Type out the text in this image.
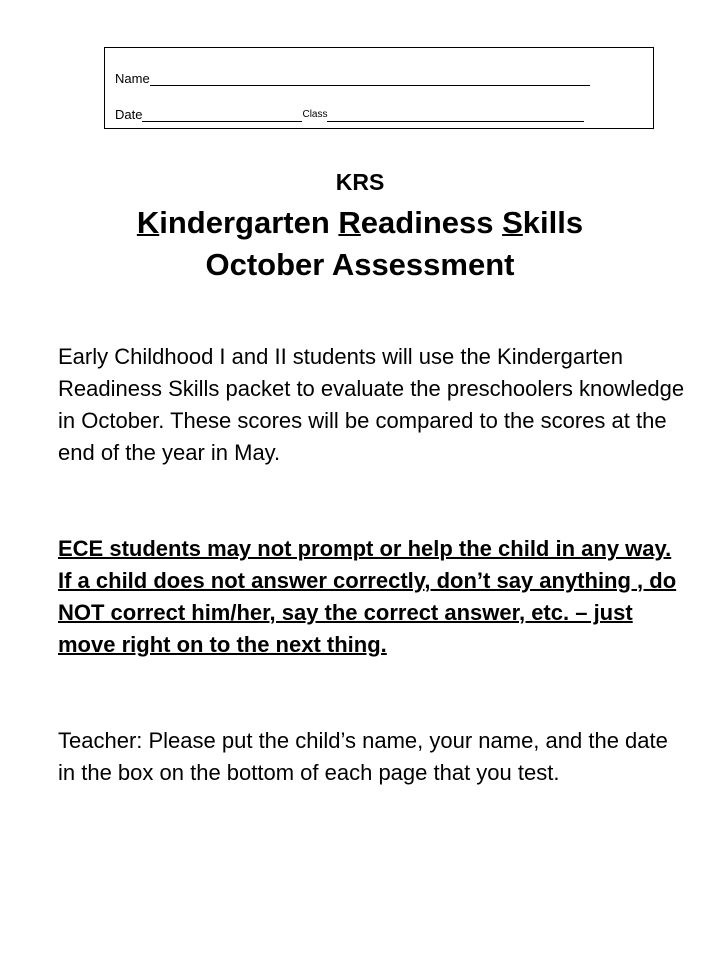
Name
Date	Class
KRS
Kindergarten Readiness Skills
October Assessment
Early Childhood I and II students will use the Kindergarten Readiness Skills packet to evaluate the preschoolers knowledge in October. These scores will be compared to the scores at the end of the year in May.
ECE students may not prompt or help the child in any way. If a child does not answer correctly, don’t say anything , do NOT correct him/her, say the correct answer, etc. – just move right on to the next thing.
Teacher: Please put the child’s name, your name, and the date in the box on the bottom of each page that you test.
